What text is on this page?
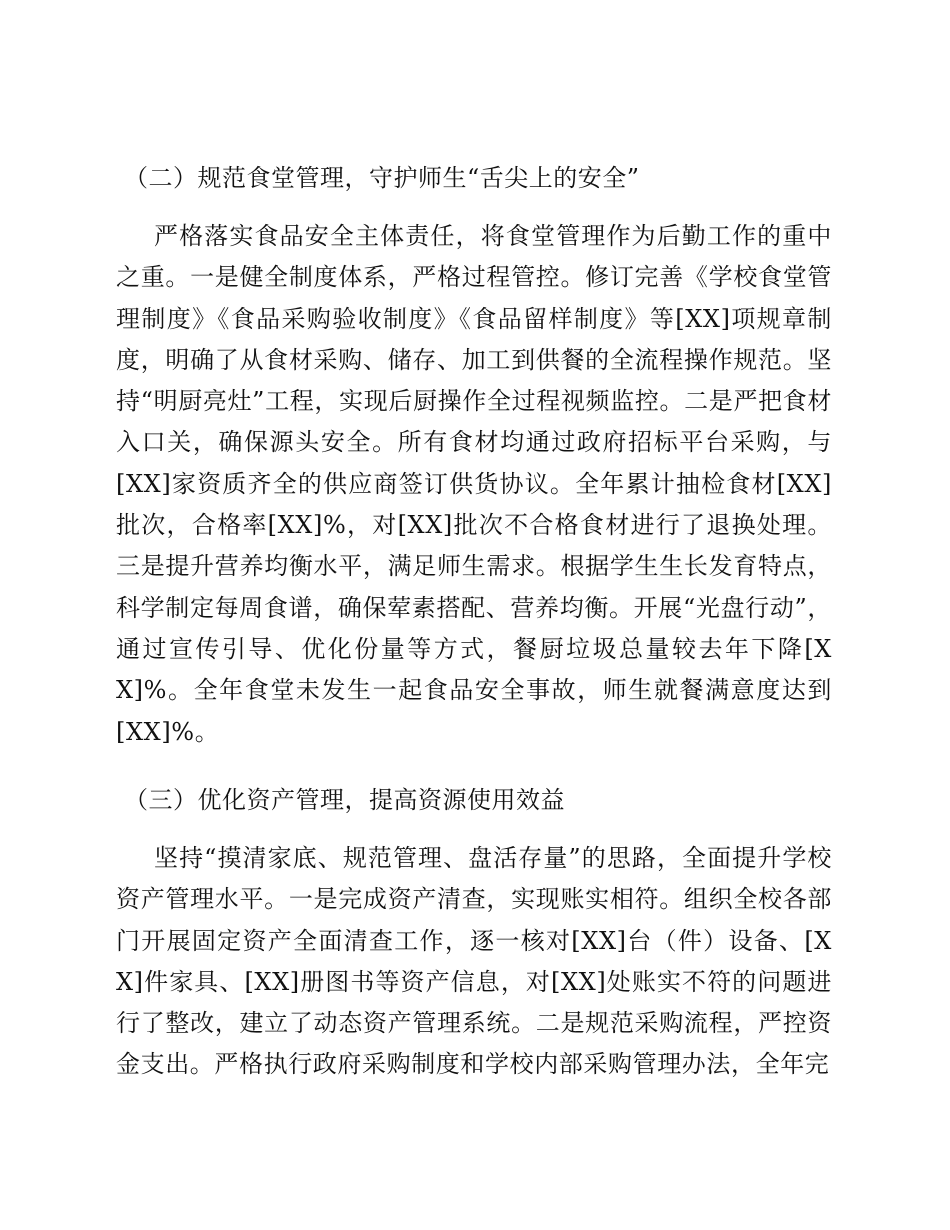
（二）规范食堂管理，守护师生“舌尖上的安全”

严格落实食品安全主体责任，将食堂管理作为后勤工作的重中之重。一是健全制度体系，严格过程管控。修订完善《学校食堂管理制度》《食品采购验收制度》《食品留样制度》等[XX]项规章制度，明确了从食材采购、储存、加工到供餐的全流程操作规范。坚持“明厨亮灶”工程，实现后厨操作全过程视频监控。二是严把食材入口关，确保源头安全。所有食材均通过政府招标平台采购，与[XX]家资质齐全的供应商签订供货协议。全年累计抽检食材[XX]批次，合格率[XX]%，对[XX]批次不合格食材进行了退换处理。三是提升营养均衡水平，满足师生需求。根据学生生长发育特点，科学制定每周食谱，确保荤素搭配、营养均衡。开展“光盘行动”，通过宣传引导、优化份量等方式，餐厨垃圾总量较去年下降[XX]%。全年食堂未发生一起食品安全事故，师生就餐满意度达到[XX]%。

（三）优化资产管理，提高资源使用效益

坚持“摸清家底、规范管理、盘活存量”的思路，全面提升学校资产管理水平。一是完成资产清查，实现账实相符。组织全校各部门开展固定资产全面清查工作，逐一核对[XX]台（件）设备、[XX]件家具、[XX]册图书等资产信息，对[XX]处账实不符的问题进行了整改，建立了动态资产管理系统。二是规范采购流程，严控资金支出。严格执行政府采购制度和学校内部采购管理办法，全年完
